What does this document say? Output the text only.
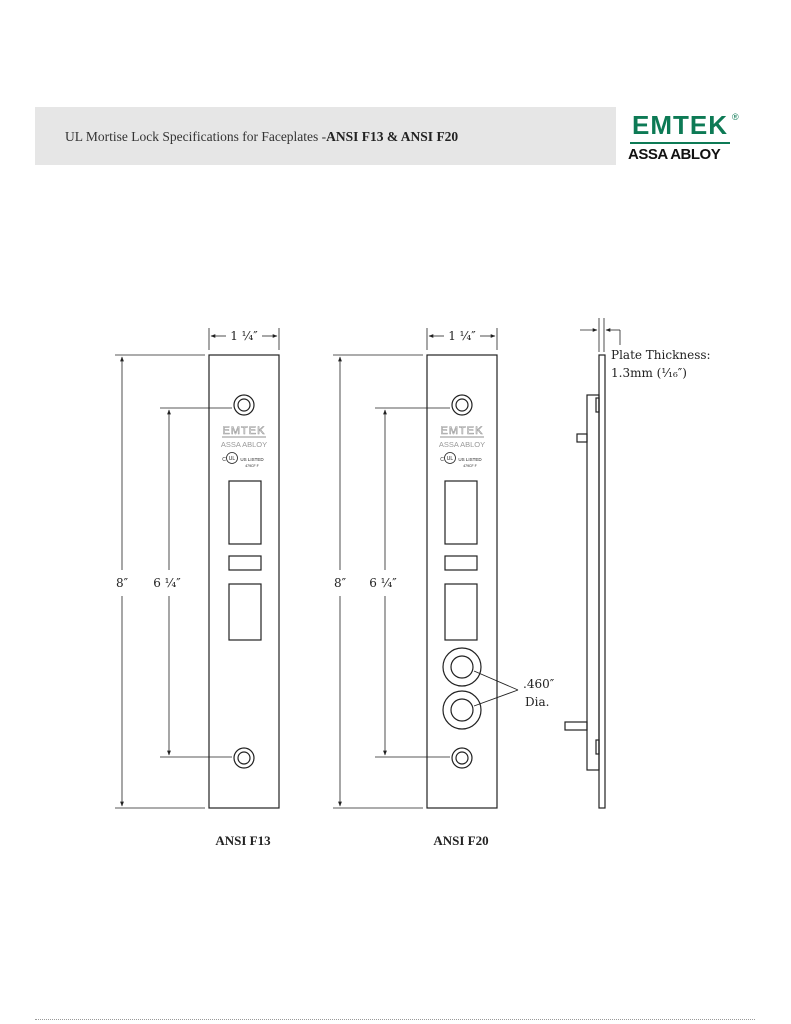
UL Mortise Lock Specifications for Faceplates -ANSI F13 & ANSI F20	EMTEK ®
ASSA ABLOY
1 ¼″
8″ 6 ¼″
EMTEK
ASSA ABLOY
C UL US LISTED
479CF F
ANSI F13
1 ¼″
8″ 6 ¼″
EMTEK
ASSA ABLOY
C UL US LISTED
479CF F
.460″
Dia.
ANSI F20
Plate Thickness:
1.3mm (¹⁄₁₆″)
